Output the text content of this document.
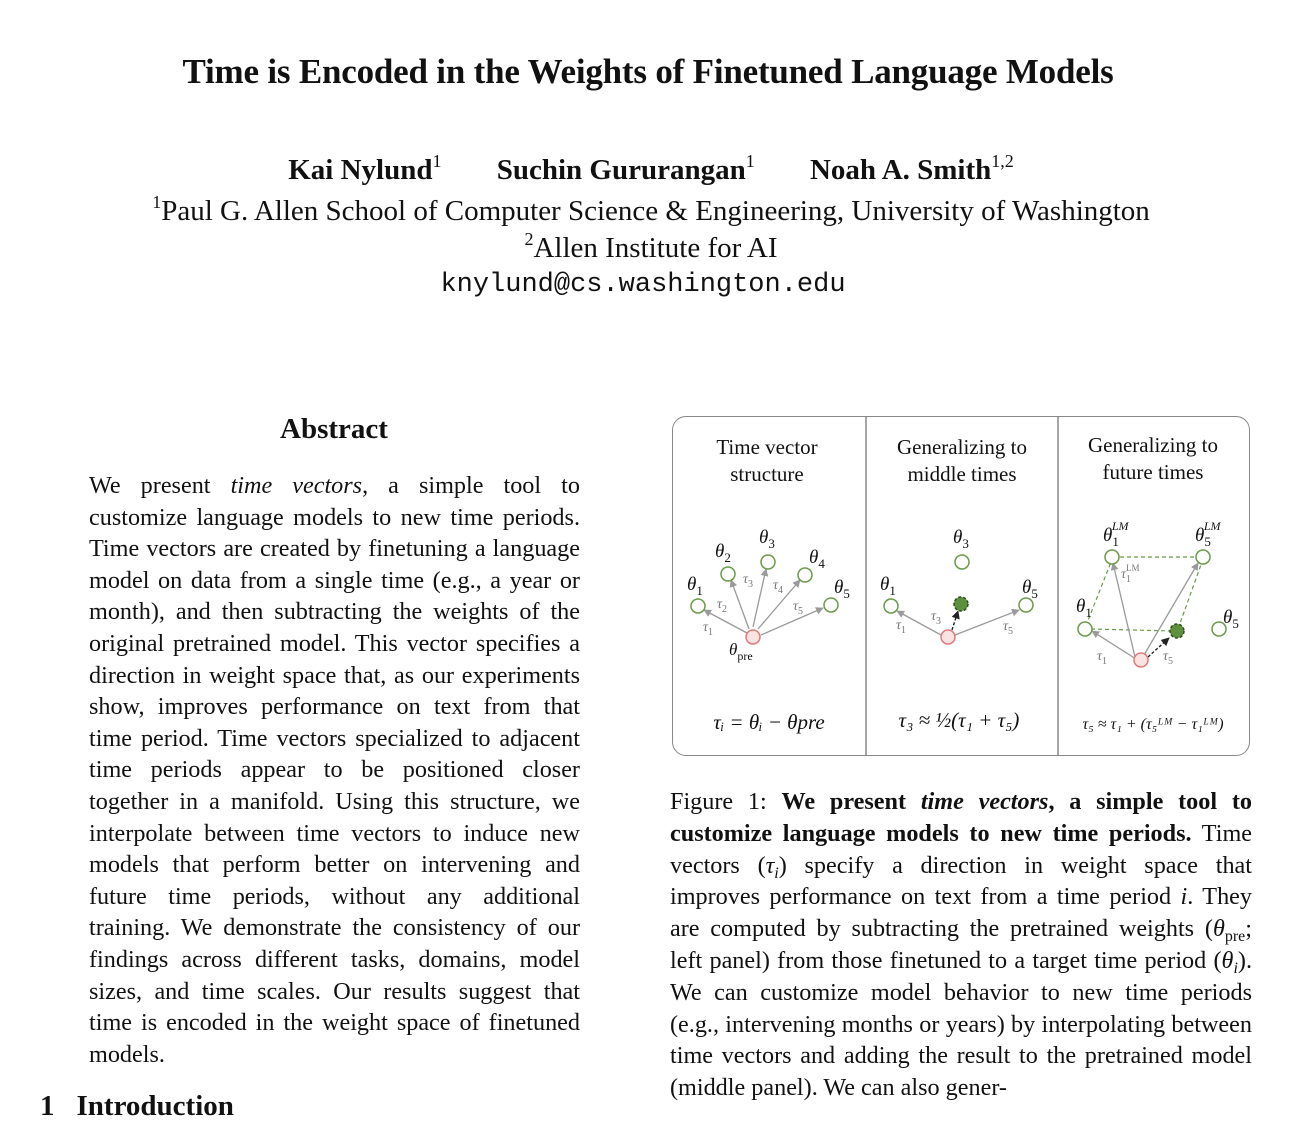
Time is Encoded in the Weights of Finetuned Language Models
Kai Nylund$^1$ Suchin Gururangan$^1$ Noah A. Smith$^{1,2}$
$^1$Paul G. Allen School of Computer Science & Engineering, University of Washington
$^2$Allen Institute for AI
knylund@cs.washington.edu
Abstract
We present time vectors, a simple tool to customize language models to new time periods. Time vectors are created by finetuning a language model on data from a single time (e.g., a year or month), and then subtracting the weights of the original pretrained model. This vector specifies a direction in weight space that, as our experiments show, improves performance on text from that time period. Time vectors specialized to adjacent time periods appear to be positioned closer together in a manifold. Using this structure, we interpolate between time vectors to induce new models that perform better on intervening and future time periods, without any additional training. We demonstrate the consistency of our findings across different tasks, domains, model sizes, and time scales. Our results suggest that time is encoded in the weight space of finetuned models.
1 Introduction
Time vector
structure
$\theta_1$
$\theta_2$
$\theta_3$
$\theta_4$
$\theta_5$
$\theta_{pre}$
$\tau_1$
$\tau_2$
$\tau_3$ $\tau_4$
$\tau_5$
τᵢ = θᵢ − θpre
Generalizing to
middle times
$\theta_1$
$\theta_3$
$\theta_5$
$\tau_1$
$\tau_3$	$\tau_5$
τ₃ ≈ ½(τ₁ + τ₅)
Generalizing to
future times
$\theta_1LM$	$\theta_5LM$
$\theta_1$	$\theta_5$
$\tau_1LM$
$\tau_1$	$\tau_5$
τ₅ ≈ τ₁ + (τ₅ᴸᴹ − τ₁ᴸᴹ)
Figure 1: We present time vectors, a simple tool to customize language models to new time periods. Time vectors $(\tau_i)$ specify a direction in weight space that improves performance on text from a time period i. They are computed by subtracting the pretrained weights ($\theta_{pre}$; left panel) from those finetuned to a target time period $(\theta_i)$. We can customize model behavior to new time periods (e.g., intervening months or years) by interpolating between time vectors and adding the result to the pretrained model (middle panel). We can also gener-
